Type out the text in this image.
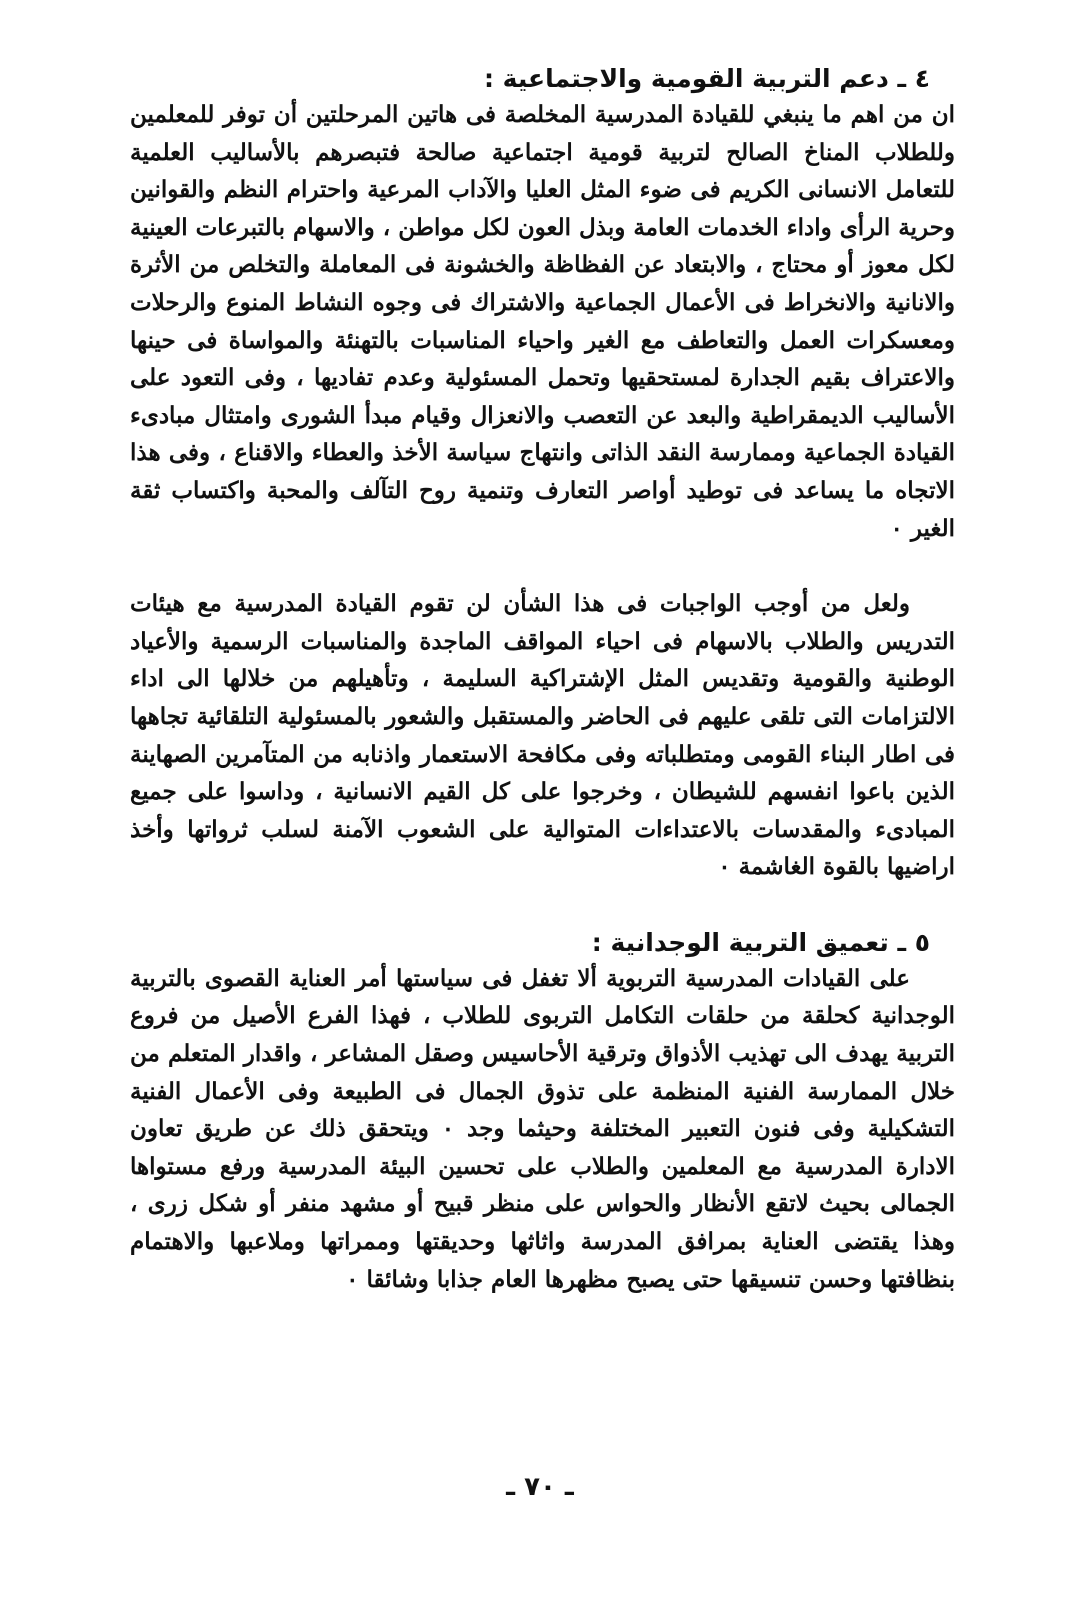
٤ ـ دعم التربية القومية والاجتماعية :

ان من اهم ما ينبغي للقيادة المدرسية المخلصة فى هاتين المرحلتين أن توفر للمعلمين وللطلاب المناخ الصالح لتربية قومية اجتماعية صالحة فتبصرهم بالأساليب العلمية للتعامل الانسانى الكريم فى ضوء المثل العليا والآداب المرعية واحترام النظم والقوانين وحرية الرأى واداء الخدمات العامة وبذل العون لكل مواطن ، والاسهام بالتبرعات العينية لكل معوز أو محتاج ، والابتعاد عن الفظاظة والخشونة فى المعاملة والتخلص من الأثرة والانانية والانخراط فى الأعمال الجماعية والاشتراك فى وجوه النشاط المنوع والرحلات ومعسكرات العمل والتعاطف مع الغير واحياء المناسبات بالتهنئة والمواساة فى حينها والاعتراف بقيم الجدارة لمستحقيها وتحمل المسئولية وعدم تفاديها ، وفى التعود على الأساليب الديمقراطية والبعد عن التعصب والانعزال وقيام مبدأ الشورى وامتثال مبادىء القيادة الجماعية وممارسة النقد الذاتى وانتهاج سياسة الأخذ والعطاء والاقناع ، وفى هذا الاتجاه ما يساعد فى توطيد أواصر التعارف وتنمية روح التآلف والمحبة واكتساب ثقة الغير ٠

ولعل من أوجب الواجبات فى هذا الشأن لن تقوم القيادة المدرسية مع هيئات التدريس والطلاب بالاسهام فى احياء المواقف الماجدة والمناسبات الرسمية والأعياد الوطنية والقومية وتقديس المثل الإشتراكية السليمة ، وتأهيلهم من خلالها الى اداء الالتزامات التى تلقى عليهم فى الحاضر والمستقبل والشعور بالمسئولية التلقائية تجاهها فى اطار البناء القومى ومتطلباته وفى مكافحة الاستعمار واذنابه من المتآمرين الصهاينة الذين باعوا انفسهم للشيطان ، وخرجوا على كل القيم الانسانية ، وداسوا على جميع المبادىء والمقدسات بالاعتداءات المتوالية على الشعوب الآمنة لسلب ثرواتها وأخذ اراضيها بالقوة الغاشمة ٠

٥ ـ تعميق التربية الوجدانية :

على القيادات المدرسية التربوية ألا تغفل فى سياستها أمر العناية القصوى بالتربية الوجدانية كحلقة من حلقات التكامل التربوى للطلاب ، فهذا الفرع الأصيل من فروع التربية يهدف الى تهذيب الأذواق وترقية الأحاسيس وصقل المشاعر ، واقدار المتعلم من خلال الممارسة الفنية المنظمة على تذوق الجمال فى الطبيعة وفى الأعمال الفنية التشكيلية وفى فنون التعبير المختلفة وحيثما وجد ٠ ويتحقق ذلك عن طريق تعاون الادارة المدرسية مع المعلمين والطلاب على تحسين البيئة المدرسية ورفع مستواها الجمالى بحيث لاتقع الأنظار والحواس على منظر قبيح أو مشهد منفر أو شكل زرى ، وهذا يقتضى العناية بمرافق المدرسة واثاثها وحديقتها وممراتها وملاعبها والاهتمام بنظافتها وحسن تنسيقها حتى يصبح مظهرها العام جذابا وشائقا ٠

ـ ٧٠ ـ
